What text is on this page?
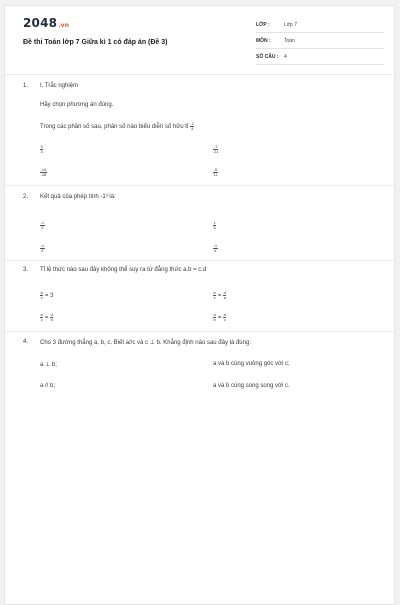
2048.vn
Đề thi Toán lớp 7 Giữa kì 1 có đáp án (Đề 3)
LỚP :	Lớp 7
MÔN :	Toán
SỐ CÂU :	4
1. I. Trắc nghiệm
Hãy chọn phương án đúng.
Trong các phân số sau, phân số nào biểu diễn số hữu tỉ $\frac{-1}{4}$
$\frac{3}{4}$	$\frac{-7}{-11}$
$\frac{-14}{-18}$	$\frac{-5}{11}$
2. Kết quả của phép tính -1³ là:
$\frac{-1}{3}$	$\frac{1}{4}$
$\frac{-1}{3}$	$\frac{-1}{4}$
3. Tỉ lệ thức nào sau đây không thể suy ra từ đẳng thức a.b = c.d
$\frac{a}{c} = 3$	$\frac{b}{c} = \frac{d}{a}$
$\frac{a}{c} = \frac{d}{b}$	$\frac{d}{b} = \frac{a}{c}$
4. Cho 3 đường thẳng a, b, c. Biết a//c và c ⊥ b. Khẳng định nào sau đây là đúng:
a ⊥ b;	a và b cùng vuông góc với c;
a // b;	a và b cùng song song với c.
